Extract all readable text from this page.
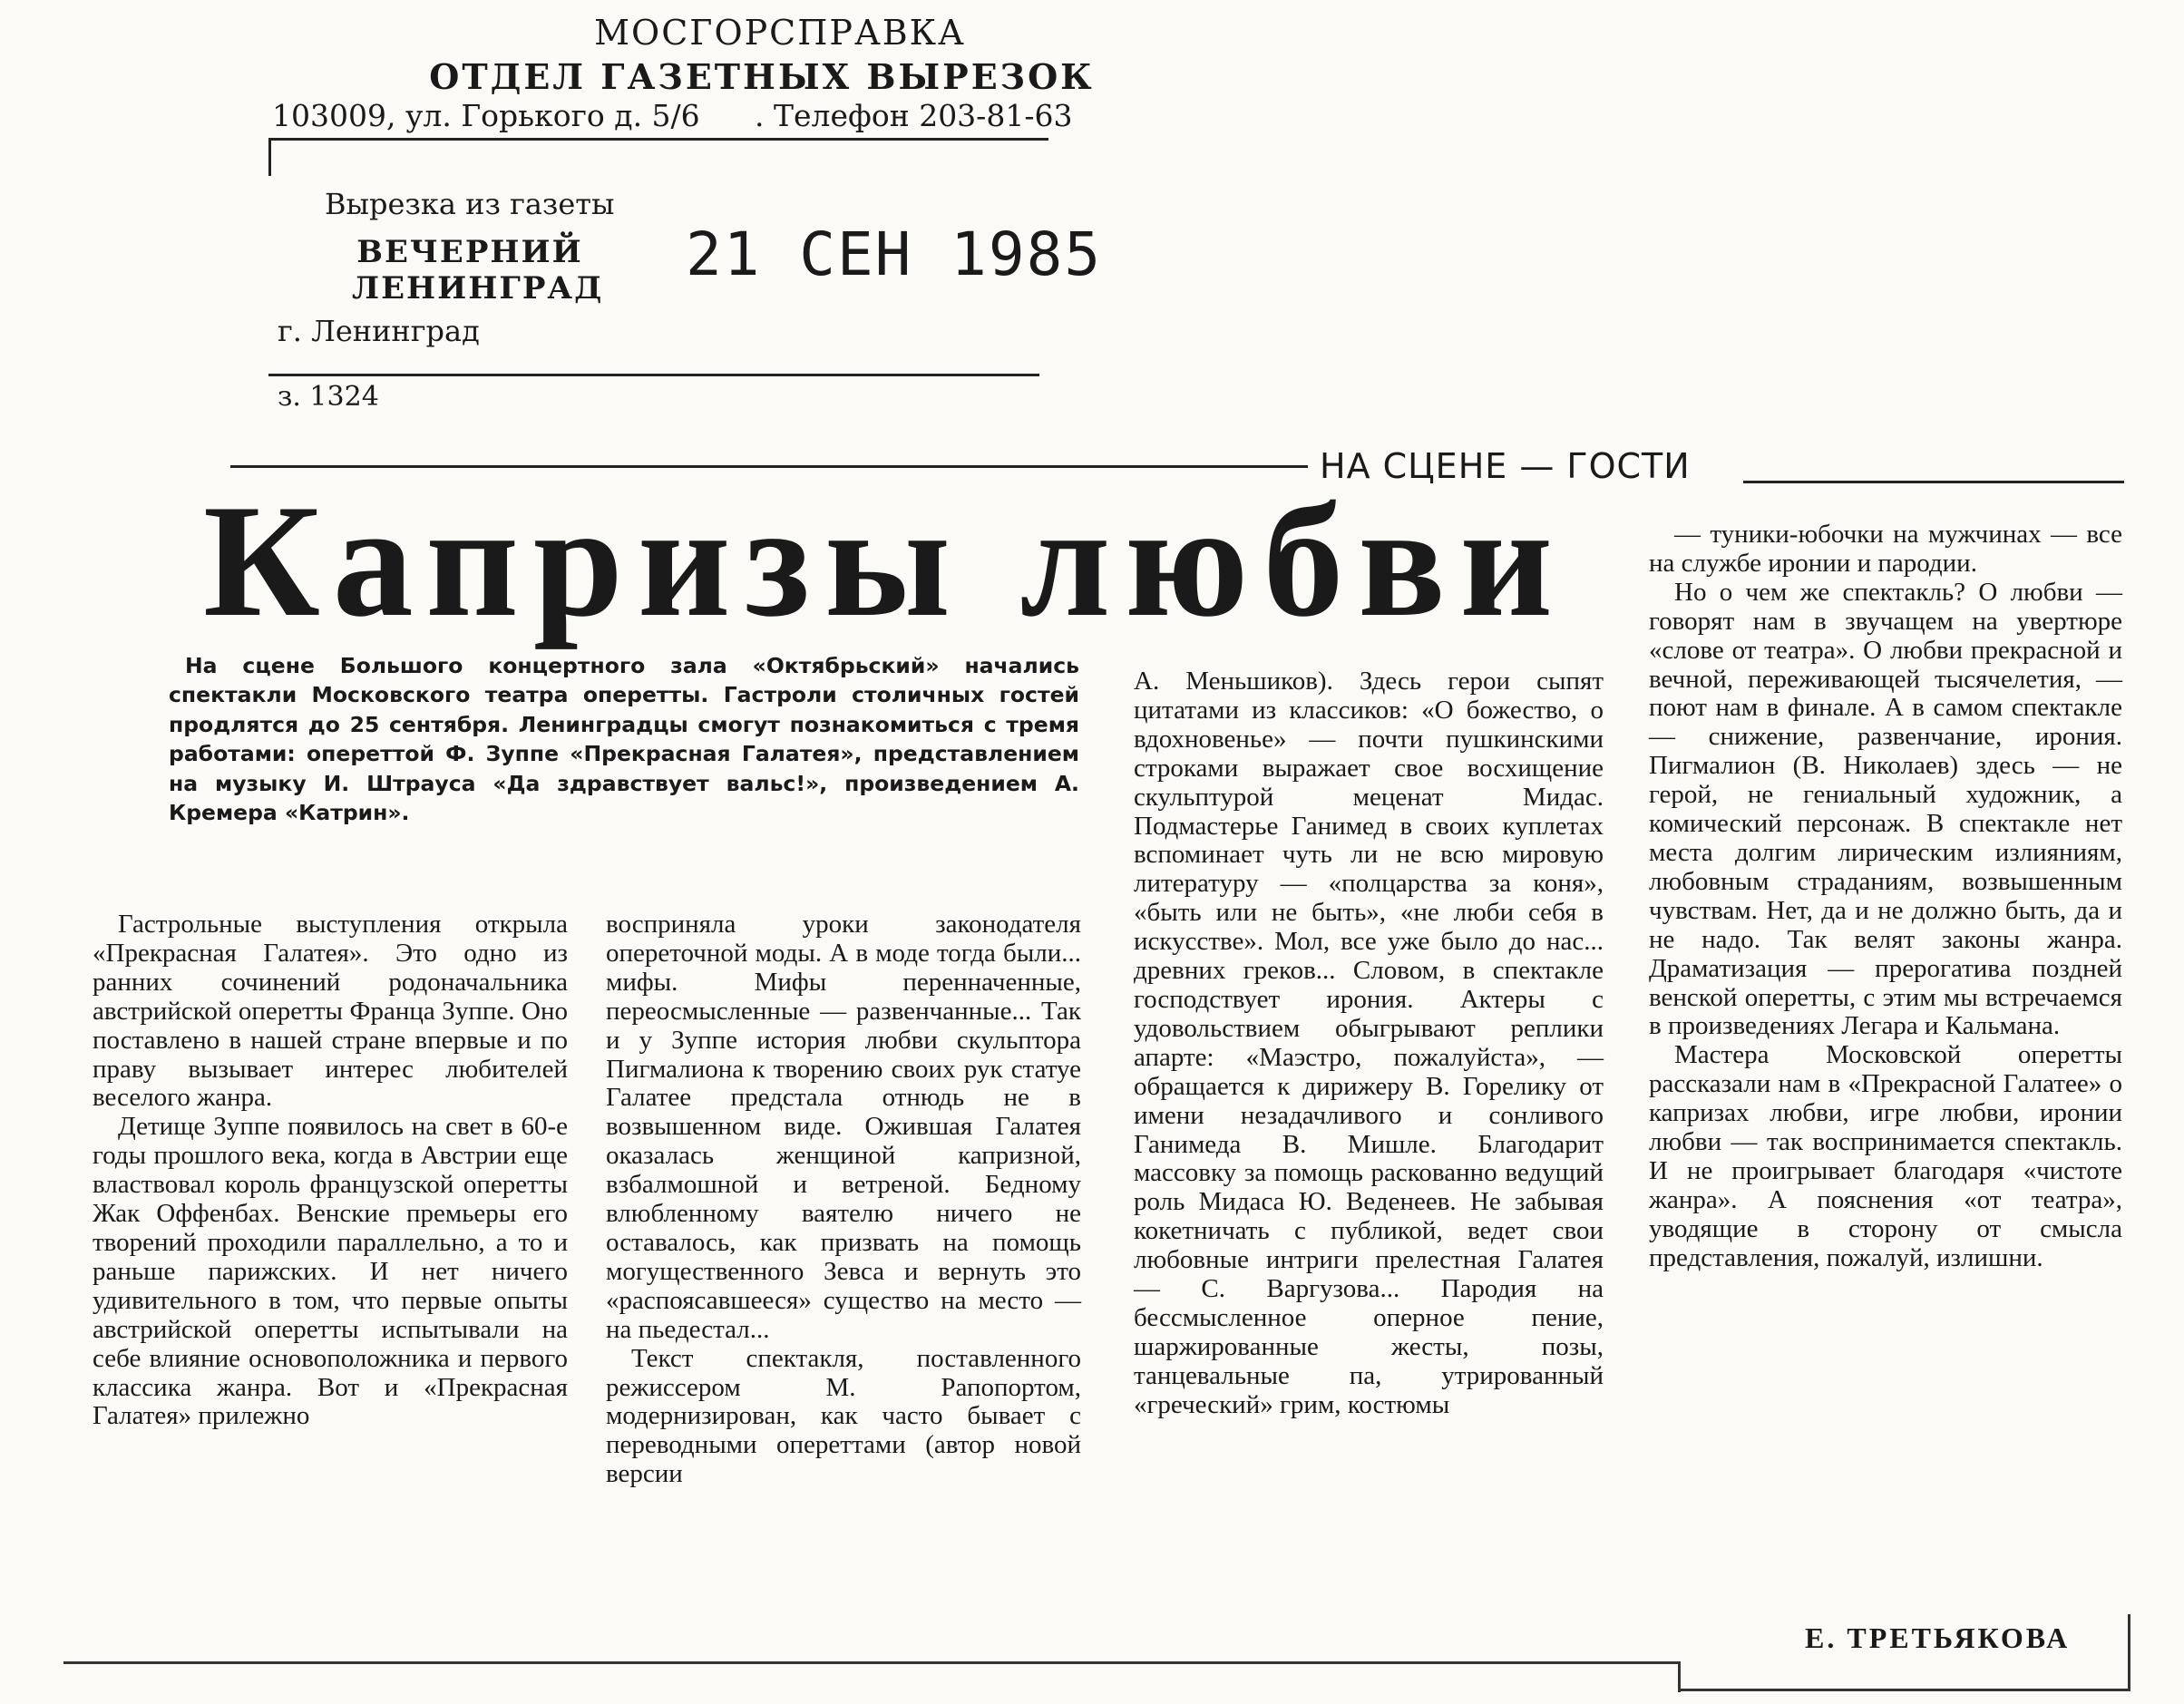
МОСГОРСПРАВКА
ОТДЕЛ ГАЗЕТНЫХ ВЫРЕЗОК
103009, ул. Горького д. 5/6 . Телефон 203-81-63
Вырезка из газеты
ВЕЧЕРНИЙ
ЛЕНИНГРАД 21 СЕН 1985
г. Ленинград
з. 1324
НА СЦЕНЕ — ГОСТИ
Капризы любви
На сцене Большого концертного зала «Октябрьский» начались спектакли Московского театра оперетты. Гастроли столичных гостей продлятся до 25 сентября. Ленинградцы смогут познакомиться с тремя работами: опереттой Ф. Зуппе «Прекрасная Галатея», представлением на музыку И. Штрауса «Да здравствует вальс!», произведением А. Кремера «Катрин».

Гастрольные выступления открыла «Прекрасная Галатея». Это одно из ранних сочинений родоначальника австрийской оперетты Франца Зуппе. Оно поставлено в нашей стране впервые и по праву вызывает интерес любителей веселого жанра.

Детище Зуппе появилось на свет в 60-е годы прошлого века, когда в Австрии еще властвовал король французской оперетты Жак Оффенбах. Венские премьеры его творений проходили параллельно, а то и раньше парижских. И нет ничего удивительного в том, что первые опыты австрийской оперетты испытывали на себе влияние основоположника и первого классика жанра. Вот и «Прекрасная Галатея» прилежно

восприняла уроки законодателя опереточной моды. А в моде тогда были... мифы. Мифы перенначенные, переосмысленные — развенчанные... Так и у Зуппе история любви скульптора Пигмалиона к творению своих рук статуе Галатее предстала отнюдь не в возвышенном виде. Ожившая Галатея оказалась женщиной капризной, взбалмошной и ветреной. Бедному влюбленному ваятелю ничего не оставалось, как призвать на помощь могущественного Зевса и вернуть это «распоясавшееся» существо на место — на пьедестал...

Текст спектакля, поставленного режиссером М. Рапопортом, модернизирован, как часто бывает с переводными опереттами (автор новой версии

А. Меньшиков). Здесь герои сыпят цитатами из классиков: «О божество, о вдохновенье» — почти пушкинскими строками выражает свое восхищение скульптурой меценат Мидас. Подмастерье Ганимед в своих куплетах вспоминает чуть ли не всю мировую литературу — «полцарства за коня», «быть или не быть», «не люби себя в искусстве». Мол, все уже было до нас... древних греков... Словом, в спектакле господствует ирония. Актеры с удовольствием обыгрывают реплики апарте: «Маэстро, пожалуйста», — обращается к дирижеру В. Горелику от имени незадачливого и сонливого Ганимеда В. Мишле. Благодарит массовку за помощь раскованно ведущий роль Мидаса Ю. Веденеев. Не забывая кокетничать с публикой, ведет свои любовные интриги прелестная Галатея — С. Варгузова... Пародия на бессмысленное оперное пение, шаржированные жесты, позы, танцевальные па, утрированный «греческий» грим, костюмы

— туники-юбочки на мужчинах — все на службе иронии и пародии.

Но о чем же спектакль? О любви — говорят нам в звучащем на увертюре «слове от театра». О любви прекрасной и вечной, переживающей тысячелетия, — поют нам в финале. А в самом спектакле — снижение, развенчание, ирония. Пигмалион (В. Николаев) здесь — не герой, не гениальный художник, а комический персонаж. В спектакле нет места долгим лирическим излияниям, любовным страданиям, возвышенным чувствам. Нет, да и не должно быть, да и не надо. Так велят законы жанра. Драматизация — прерогатива поздней венской оперетты, с этим мы встречаемся в произведениях Легара и Кальмана.

Мастера Московской оперетты рассказали нам в «Прекрасной Галатее» о капризах любви, игре любви, иронии любви — так воспринимается спектакль. И не проигрывает благодаря «чистоте жанра». А пояснения «от театра», уводящие в сторону от смысла представления, пожалуй, излишни.

Е. ТРЕТЬЯКОВА
